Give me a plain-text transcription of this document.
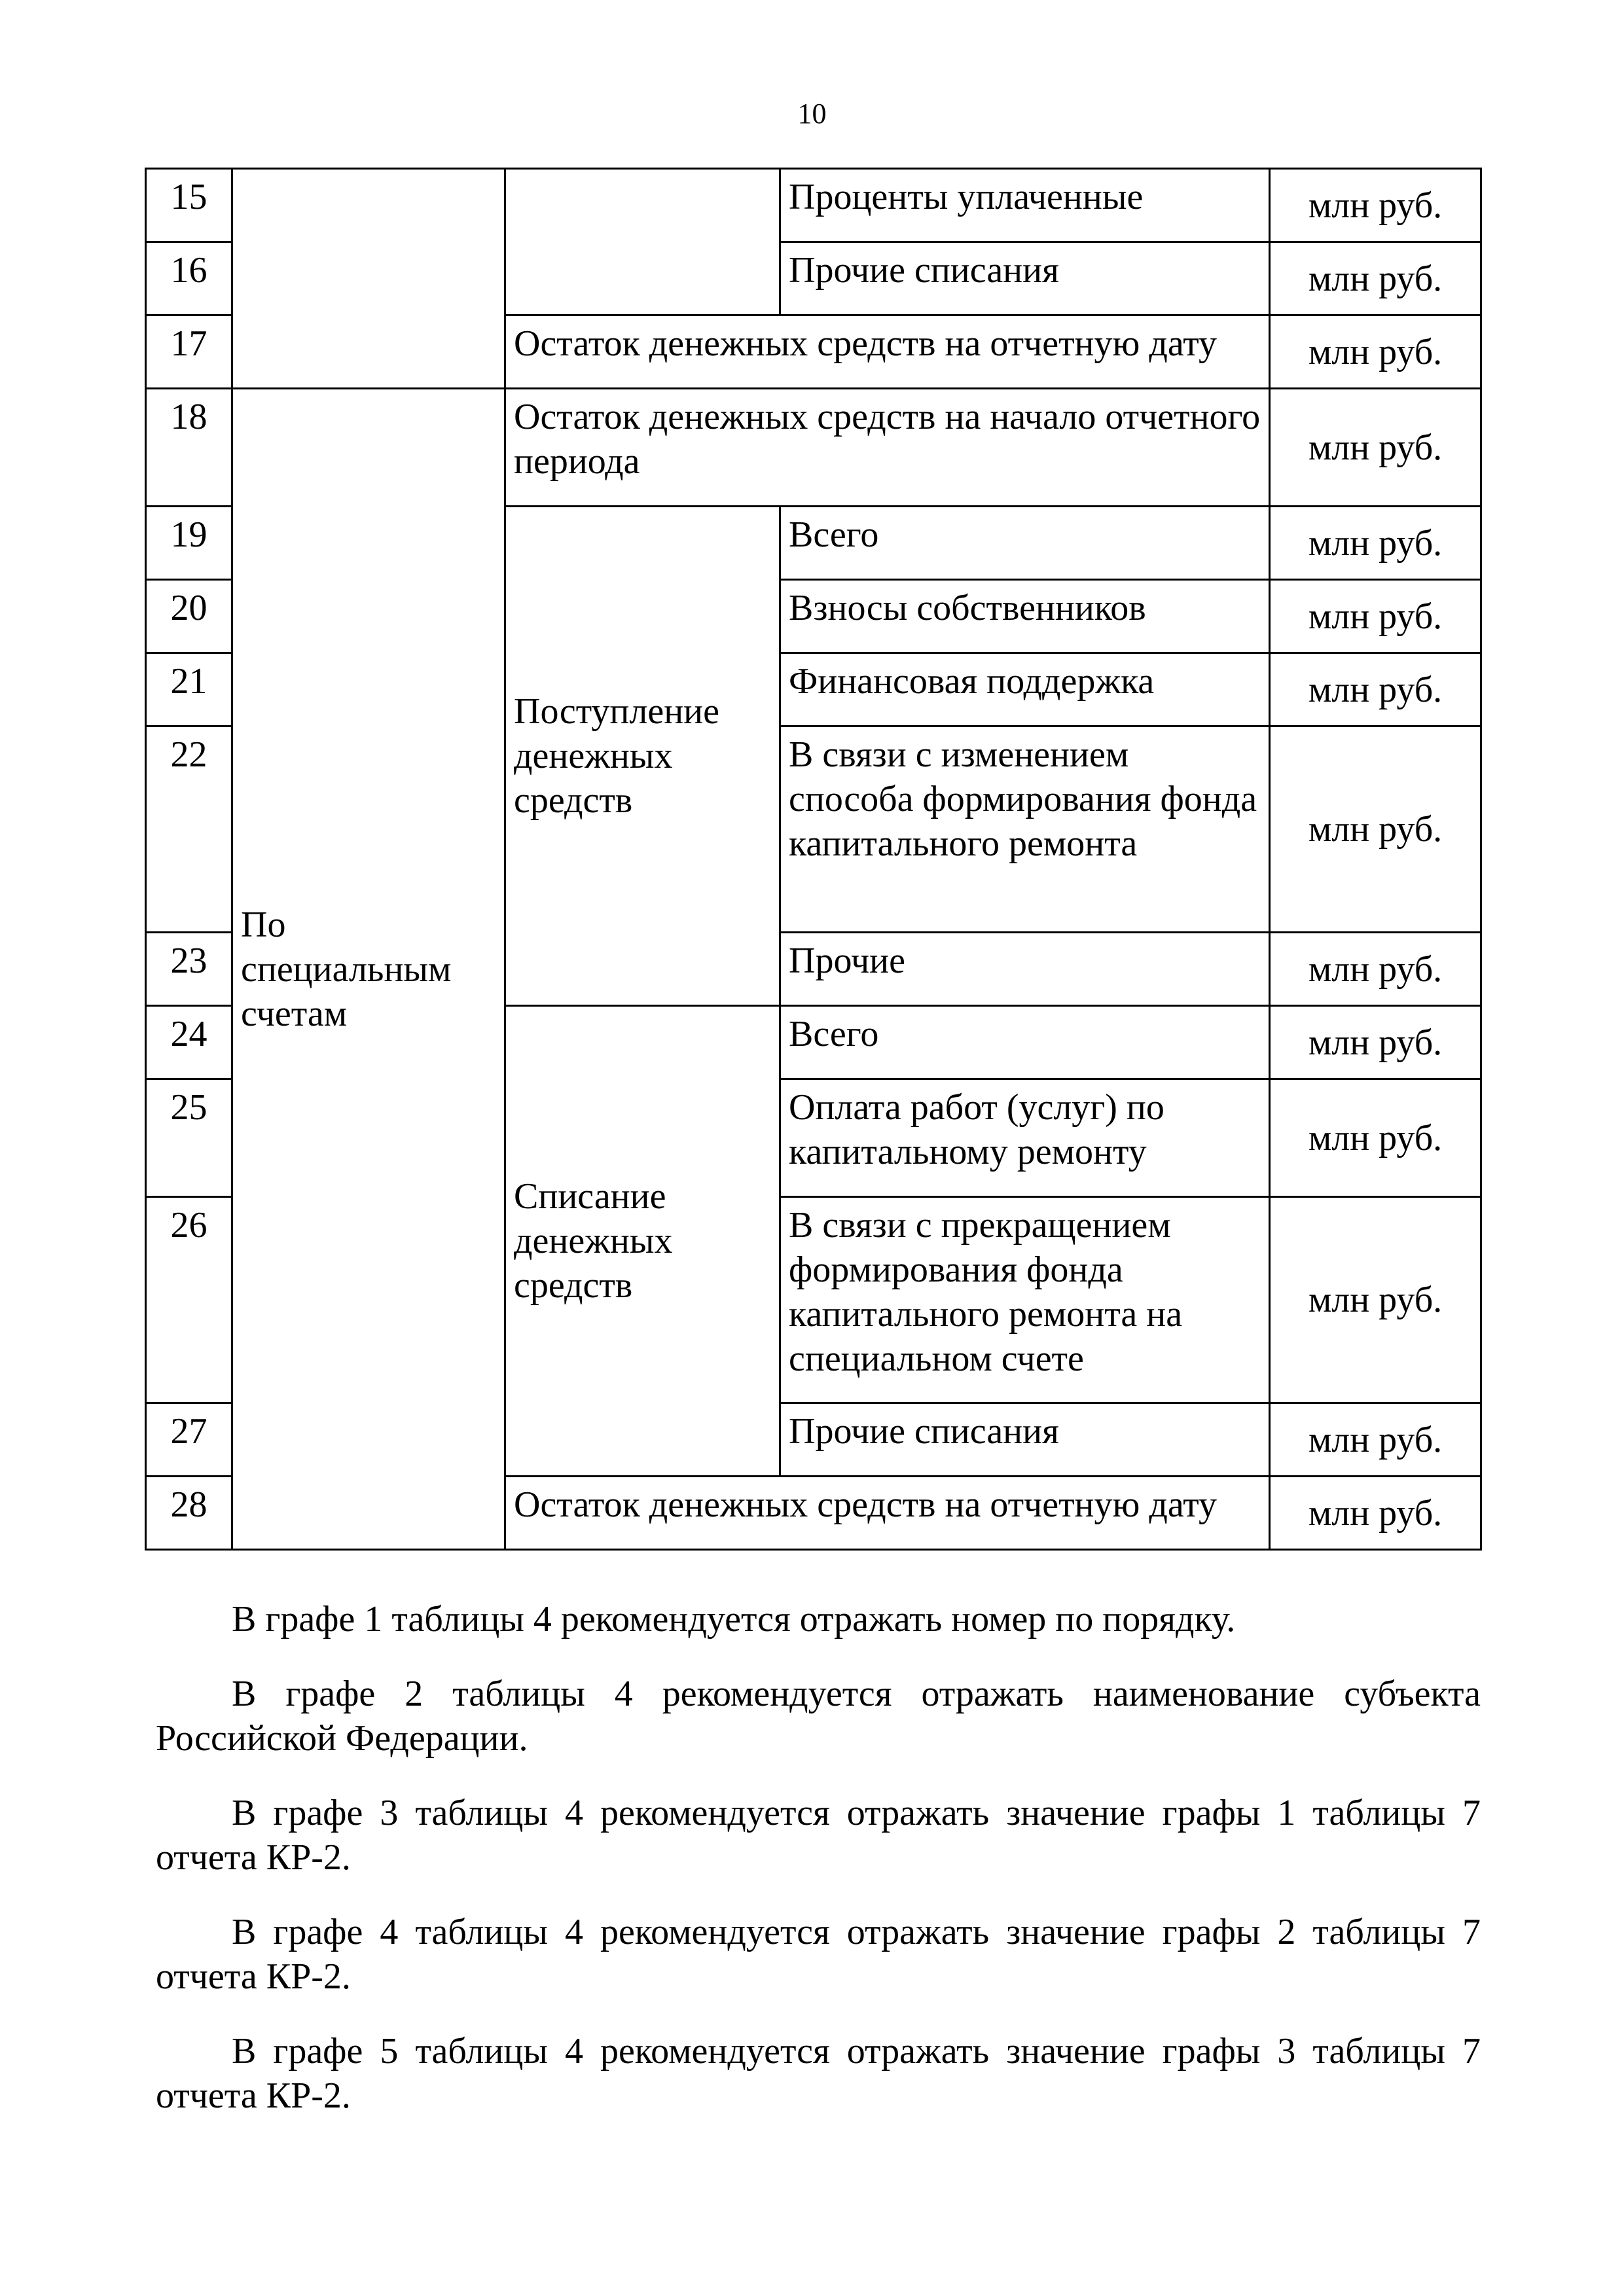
10
15			Проценты уплаченные	млн руб.
16			Прочие списания	млн руб.
17		Остаток денежных средств на отчетную дату		млн руб.
18	По специальным счетам	Остаток денежных средств на начало отчетного периода		млн руб.
19		Поступление денежных средств	Всего	млн руб.
20			Взносы собственников	млн руб.
21			Финансовая поддержка	млн руб.
22			В связи с изменением способа формирования фонда капитального ремонта	млн руб.
23			Прочие	млн руб.
24		Списание денежных средств	Всего	млн руб.
25			Оплата работ (услуг) по капитальному ремонту	млн руб.
26			В связи с прекращением формирования фонда капитального ремонта на специальном счете	млн руб.
27			Прочие списания	млн руб.
28		Остаток денежных средств на отчетную дату		млн руб.

В графе 1 таблицы 4 рекомендуется отражать номер по порядку.

В графе 2 таблицы 4 рекомендуется отражать наименование субъекта Российской Федерации.

В графе 3 таблицы 4 рекомендуется отражать значение графы 1 таблицы 7 отчета КР-2.

В графе 4 таблицы 4 рекомендуется отражать значение графы 2 таблицы 7 отчета КР-2.

В графе 5 таблицы 4 рекомендуется отражать значение графы 3 таблицы 7 отчета КР-2.
